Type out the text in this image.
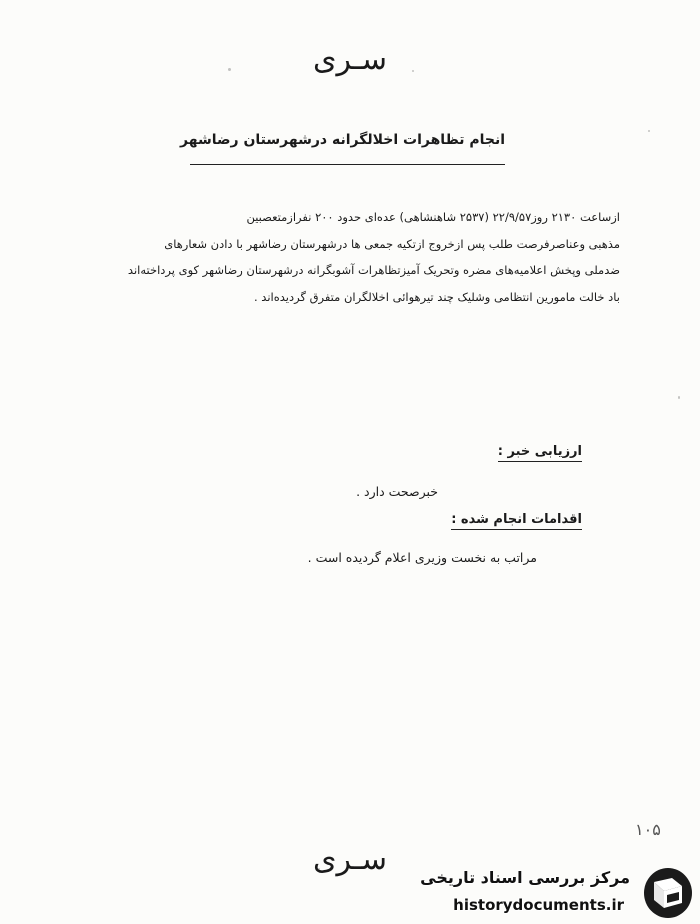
سـری
انجام تظاهرات اخلالگرانه درشهرستان رضاشهر

ازساعت ۲۱۳۰ روز۲۲/۹/۵۷ (۲۵۳۷ شاهنشاهی) عده‌ای حدود ۲۰۰ نفرازمتعصبین

مذهبی وعناصرفرصت طلب پس ازخروج ازتکیه جمعی ها درشهرستان رضاشهر با دادن شعارهای

ضدملی وپخش اعلامیه‌های مضره وتحریک آمیزتظاهرات آشوبگرانه درشهرستان رضاشهر کوی پرداخته‌اند

باد خالت مامورین انتظامی وشلیک چند تیرهوائی اخلالگران متفرق گردیده‌اند .

ارزیابی خبر :
خبرصحت دارد .
اقدامات انجام شده :
مراتب به نخست وزیری اعلام گردیده است .
۱۰۵
سـری
مرکز بررسی اسناد تاریخی
historydocuments.ir
